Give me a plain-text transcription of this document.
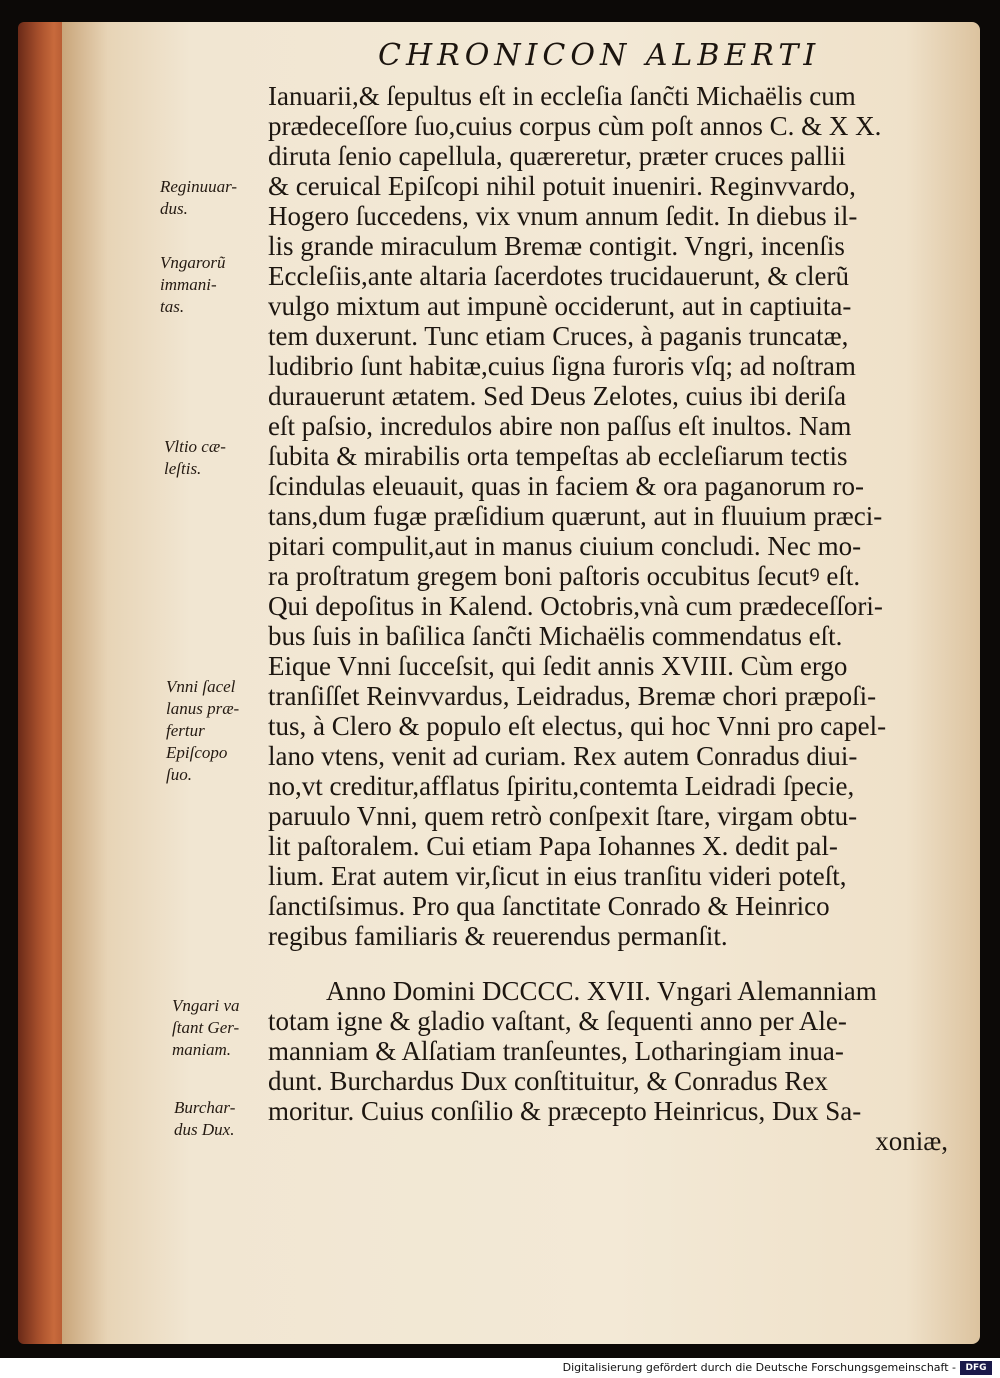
CHRONICON ALBERTI
Ianuarii,& ſepultus eſt in eccleſia ſanc̃ti Michaëlis cum
prædeceſſore ſuo,cuius corpus cùm poſt annos C. & X X.
diruta ſenio capellula, quæreretur, præter cruces pallii
& ceruical Epiſcopi nihil potuit inueniri. Reginvvardo,
Hogero ſuccedens, vix vnum annum ſedit. In diebus il-
lis grande miraculum Bremæ contigit. Vngri, incenſis
Eccleſiis,ante altaria ſacerdotes trucidauerunt, & clerũ
vulgo mixtum aut impunè occiderunt, aut in captiuita-
tem duxerunt. Tunc etiam Cruces, à paganis truncatæ,
ludibrio ſunt habitæ,cuius ſigna furoris vſq; ad noſtram
durauerunt ætatem. Sed Deus Zelotes, cuius ibi deriſa
eſt paſsio, incredulos abire non paſſus eſt inultos. Nam
ſubita & mirabilis orta tempeſtas ab eccleſiarum tectis
ſcindulas eleuauit, quas in faciem & ora paganorum ro-
tans,dum fugæ præſidium quærunt, aut in fluuium præci-
pitari compulit,aut in manus ciuium concludi. Nec mo-
ra proſtratum gregem boni paſtoris occubitus ſecutꝰ eſt.
Qui depoſitus in Kalend. Octobris,vnà cum prædeceſſori-
bus ſuis in baſilica ſanc̃ti Michaëlis commendatus eſt.
Eique Vnni ſucceſsit, qui ſedit annis XVIII. Cùm ergo
tranſiſſet Reinvvardus, Leidradus, Bremæ chori præpoſi-
tus, à Clero & populo eſt electus, qui hoc Vnni pro capel-
lano vtens, venit ad curiam. Rex autem Conradus diui-
no,vt creditur,afflatus ſpiritu,contemta Leidradi ſpecie,
paruulo Vnni, quem retrò conſpexit ſtare, virgam obtu-
lit paſtoralem. Cui etiam Papa Iohannes X. dedit pal-
lium. Erat autem vir,ſicut in eius tranſitu videri poteſt,
ſanctiſsimus. Pro qua ſanctitate Conrado & Heinrico
regibus familiaris & reuerendus permanſit.
Anno Domini DCCCC. XVII. Vngari Alemanniam
totam igne & gladio vaſtant, & ſequenti anno per Ale-
manniam & Alſatiam tranſeuntes, Lotharingiam inua-
dunt. Burchardus Dux conſtituitur, & Conradus Rex
moritur. Cuius conſilio & præcepto Heinricus, Dux Sa-
xoniæ,

Reginuuar-
dus.

Vngarorũ
immani-
tas.

Vltio cæ-
leſtis.

Vnni ſacel
lanus præ-
fertur
Epiſcopo
ſuo.

Vngari va
ſtant Ger-
maniam.

Burchar-
dus Dux.

Digitalisierung gefördert durch die Deutsche Forschungsgemeinschaft -	DFG
